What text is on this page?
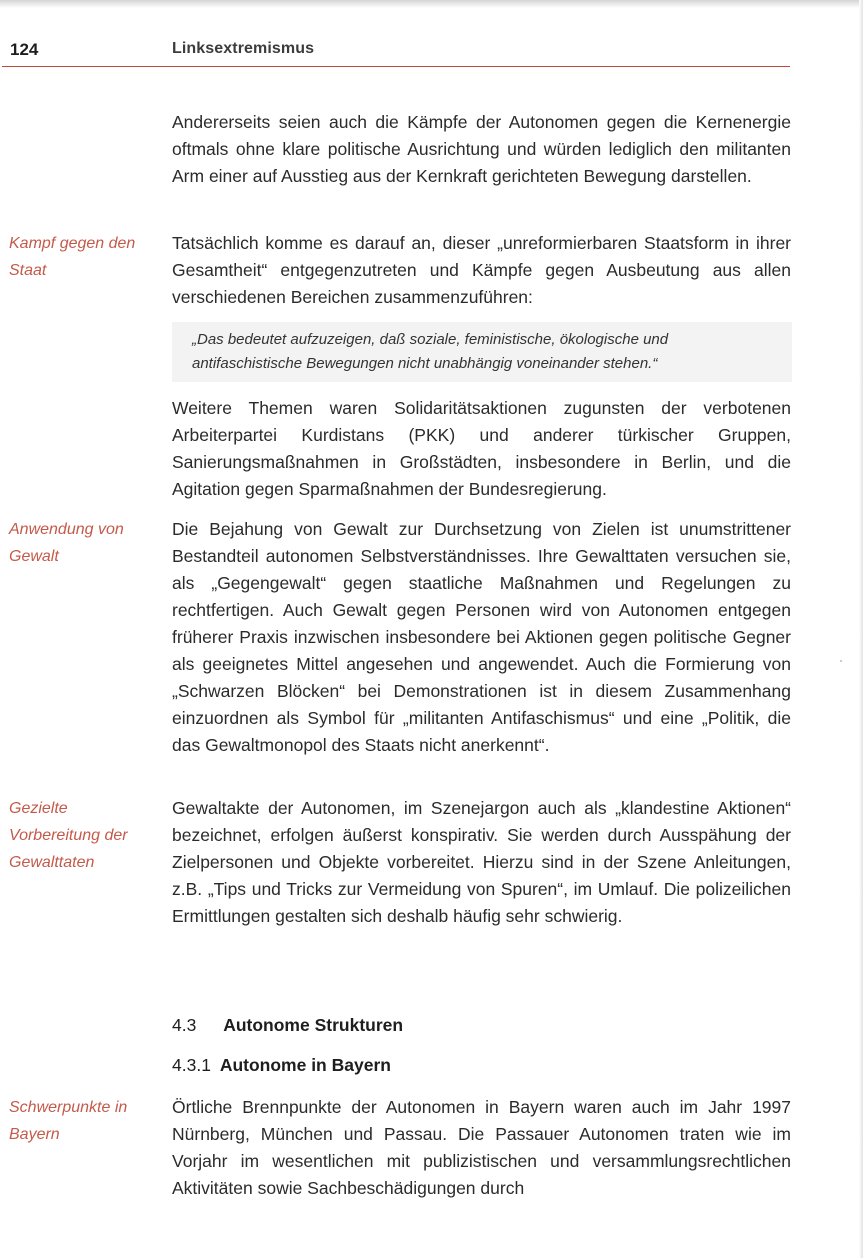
124	Linksextremismus

Andererseits seien auch die Kämpfe der Autonomen gegen die Kernenergie oftmals ohne klare politische Ausrichtung und würden lediglich den militanten Arm einer auf Ausstieg aus der Kernkraft gerichteten Bewegung darstellen.

Kampf gegen den
Staat

Tatsächlich komme es darauf an, dieser „unreformierbaren Staatsform in ihrer Gesamtheit“ entgegenzutreten und Kämpfe gegen Ausbeutung aus allen verschiedenen Bereichen zusammenzuführen:

„Das bedeutet aufzuzeigen, daß soziale, feministische, ökologische und antifaschistische Bewegungen nicht unabhängig voneinander stehen.“

Weitere Themen waren Solidaritätsaktionen zugunsten der verbotenen Arbeiterpartei Kurdistans (PKK) und anderer türkischer Gruppen, Sanierungsmaßnahmen in Großstädten, insbesondere in Berlin, und die Agitation gegen Sparmaßnahmen der Bundesregierung.

Anwendung von
Gewalt

Die Bejahung von Gewalt zur Durchsetzung von Zielen ist unumstrittener Bestandteil autonomen Selbstverständnisses. Ihre Gewalttaten versuchen sie, als „Gegengewalt“ gegen staatliche Maßnahmen und Regelungen zu rechtfertigen. Auch Gewalt gegen Personen wird von Autonomen entgegen früherer Praxis inzwischen insbesondere bei Aktionen gegen politische Gegner als geeignetes Mittel angesehen und angewendet. Auch die Formierung von „Schwarzen Blöcken“ bei Demonstrationen ist in diesem Zusammenhang einzuordnen als Symbol für „militanten Antifaschismus“ und eine „Politik, die das Gewaltmonopol des Staats nicht anerkennt“.

Gezielte
Vorbereitung der
Gewalttaten

Gewaltakte der Autonomen, im Szenejargon auch als „klandestine Aktionen“ bezeichnet, erfolgen äußerst konspirativ. Sie werden durch Ausspähung der Zielpersonen und Objekte vorbereitet. Hierzu sind in der Szene Anleitungen, z.B. „Tips und Tricks zur Vermeidung von Spuren“, im Umlauf. Die polizeilichen Ermittlungen gestalten sich deshalb häufig sehr schwierig.

4.3 Autonome Strukturen
4.3.1 Autonome in Bayern
Schwerpunkte in
Bayern

Örtliche Brennpunkte der Autonomen in Bayern waren auch im Jahr 1997 Nürnberg, München und Passau. Die Passauer Autonomen traten wie im Vorjahr im wesentlichen mit publizistischen und versammlungsrechtlichen Aktivitäten sowie Sachbeschädigungen durch
